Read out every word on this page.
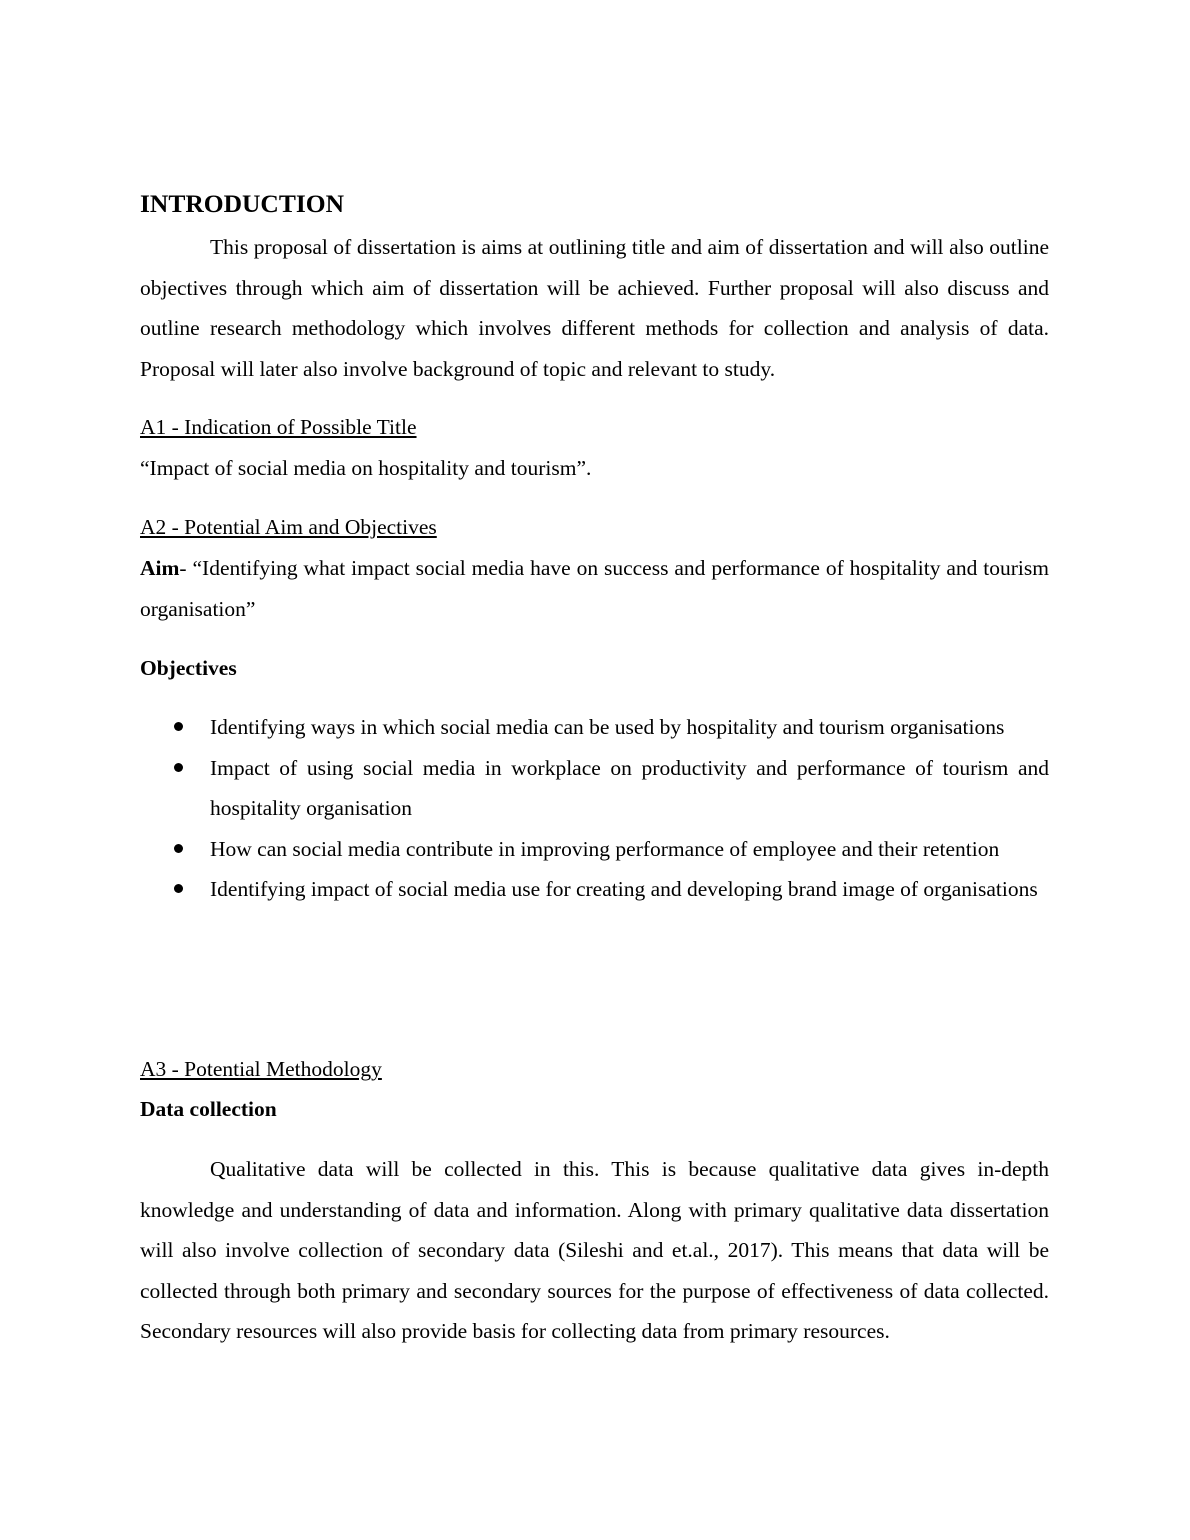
INTRODUCTION

This proposal of dissertation is aims at outlining title and aim of dissertation and will also outline objectives through which aim of dissertation will be achieved. Further proposal will also discuss and outline research methodology which involves different methods for collection and analysis of data. Proposal will later also involve background of topic and relevant to study.

A1 - Indication of Possible Title

“Impact of social media on hospitality and tourism”.

A2 - Potential Aim and Objectives

Aim- “Identifying what impact social media have on success and performance of hospitality and tourism organisation”

Objectives

Identifying ways in which social media can be used by hospitality and tourism organisations
Impact of using social media in workplace on productivity and performance of tourism and hospitality organisation
How can social media contribute in improving performance of employee and their retention
Identifying impact of social media use for creating and developing brand image of organisations

A3 - Potential Methodology

Data collection

Qualitative data will be collected in this. This is because qualitative data gives in-depth knowledge and understanding of data and information. Along with primary qualitative data dissertation will also involve collection of secondary data (Sileshi and et.al., 2017). This means that data will be collected through both primary and secondary sources for the purpose of effectiveness of data collected. Secondary resources will also provide basis for collecting data from primary resources.
